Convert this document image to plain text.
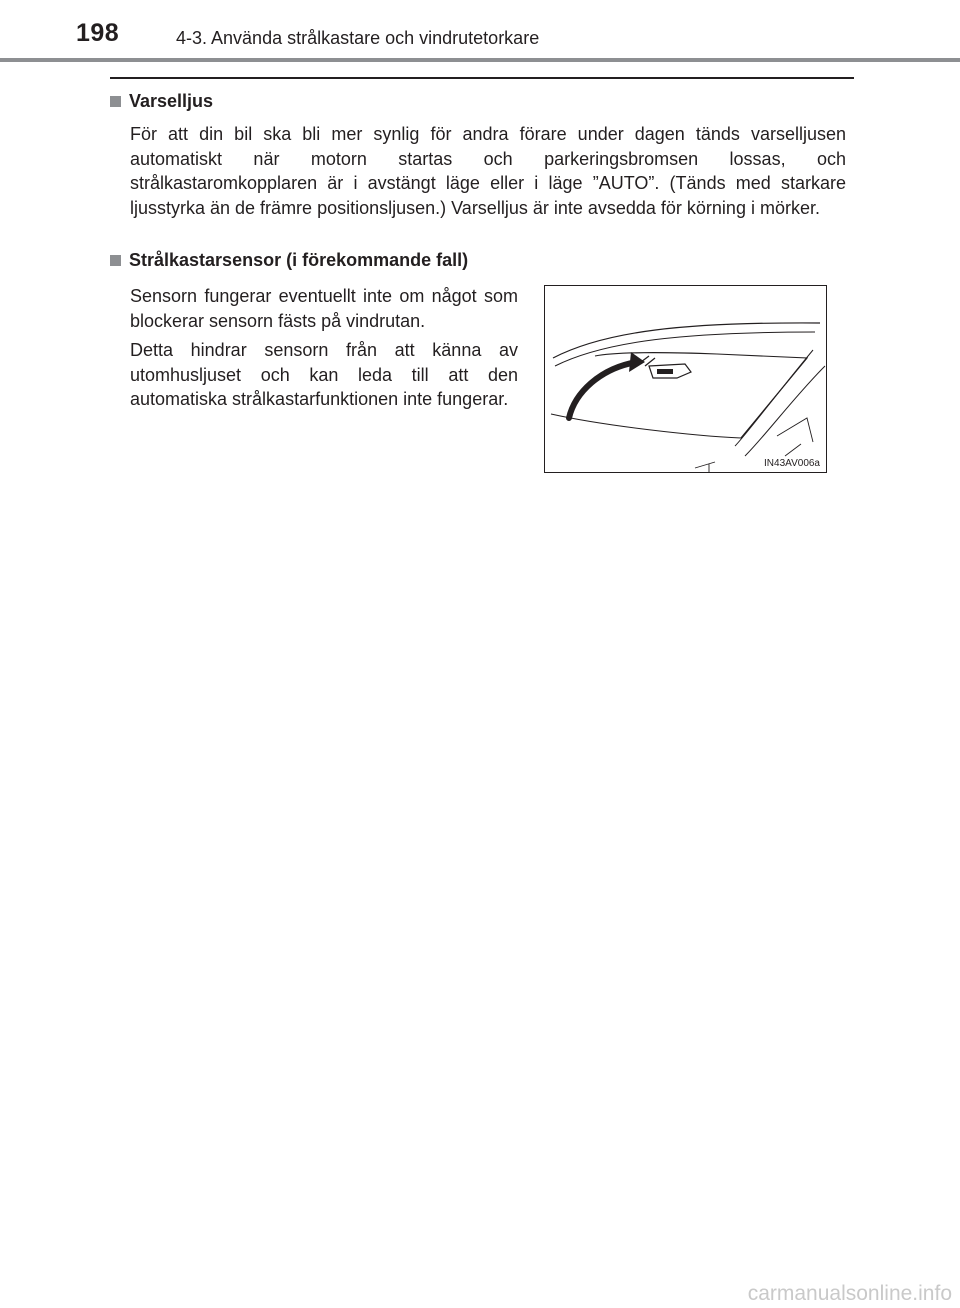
198	4-3. Använda strålkastare och vindrutetorkare
Varselljus

För att din bil ska bli mer synlig för andra förare under dagen tänds varselljusen automatiskt när motorn startas och parkeringsbromsen lossas, och strålkastaromkopplaren är i avstängt läge eller i läge ”AUTO”. (Tänds med starkare ljusstyrka än de främre positionsljusen.) Varselljus är inte avsedda för körning i mörker.

Strålkastarsensor (i förekommande fall)

Sensorn fungerar eventuellt inte om något som blockerar sensorn fästs på vindrutan.

Detta hindrar sensorn från att känna av utomhusljuset och kan leda till att den automatiska strålkastarfunktionen inte fungerar.

IN43AV006a
carmanualsonline.info
